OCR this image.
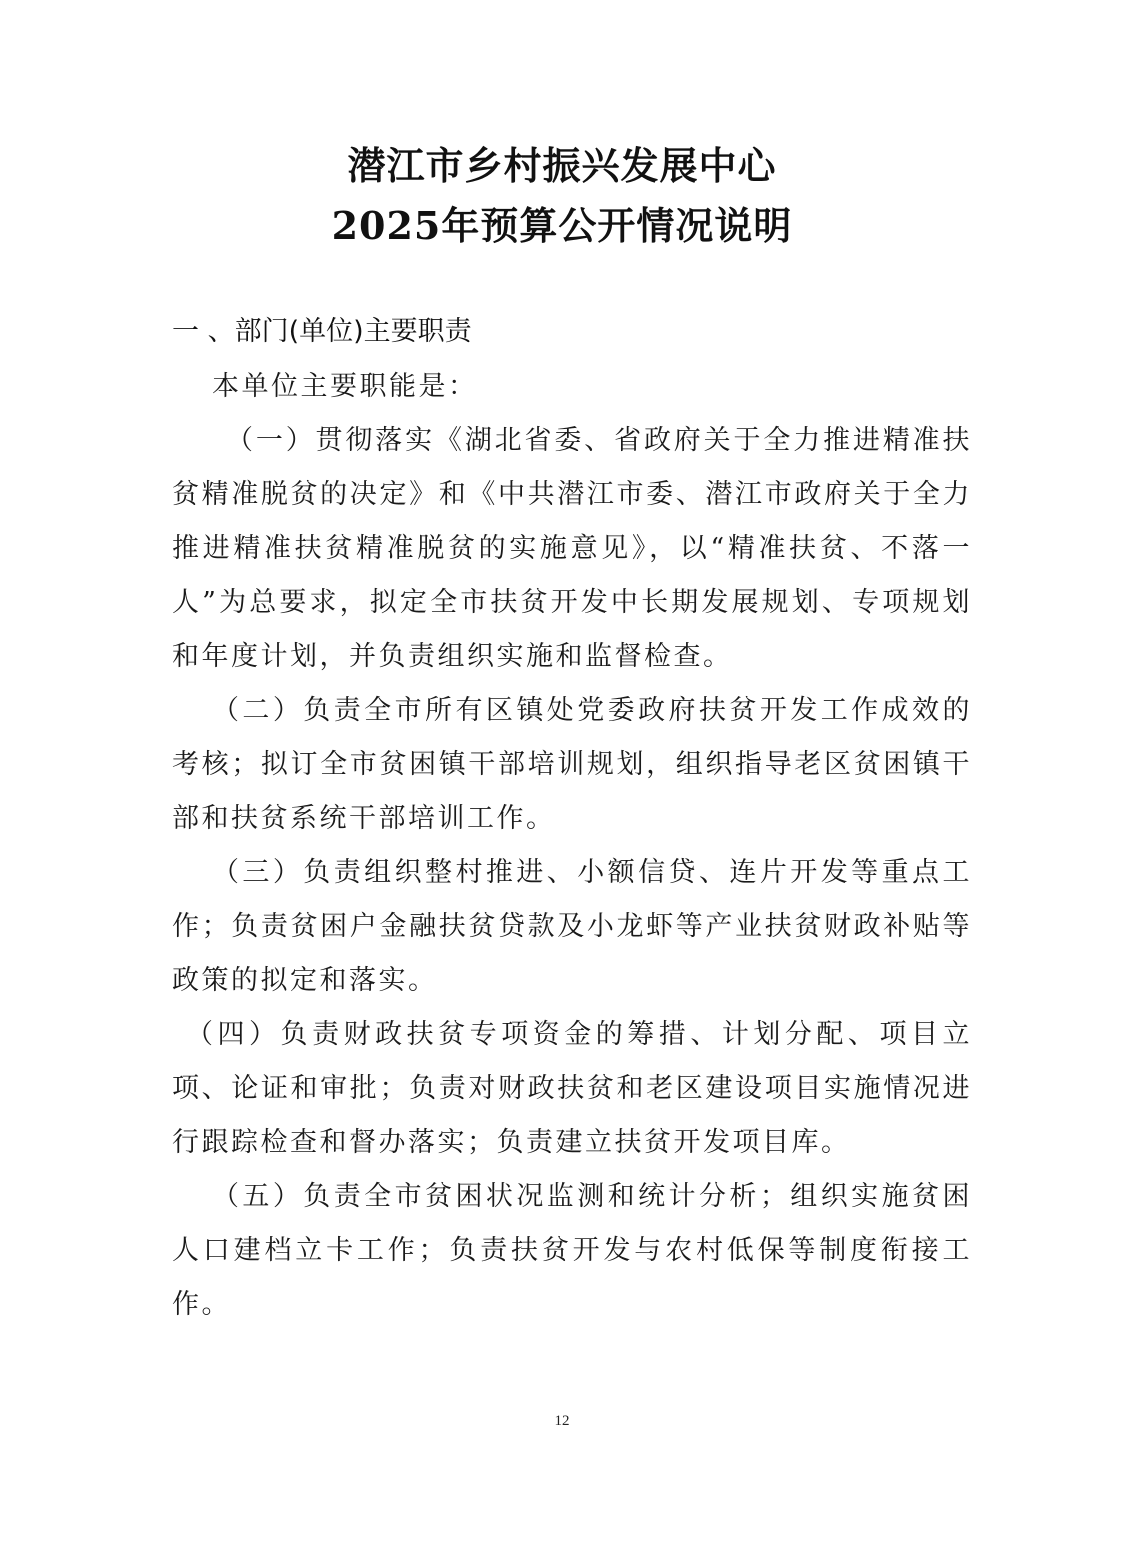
潜江市乡村振兴发展中心
2025年预算公开情况说明
一 、部门(单位)主要职责
本单位主要职能是：
（一）贯彻落实《湖北省委、省政府关于全力推进精准扶贫精准脱贫的决定》和《中共潜江市委、潜江市政府关于全力推进精准扶贫精准脱贫的实施意见》，以“精准扶贫、不落一人”为总要求，拟定全市扶贫开发中长期发展规划、专项规划和年度计划，并负责组织实施和监督检查。
（二）负责全市所有区镇处党委政府扶贫开发工作成效的考核；拟订全市贫困镇干部培训规划，组织指导老区贫困镇干部和扶贫系统干部培训工作。
（三）负责组织整村推进、小额信贷、连片开发等重点工作；负责贫困户金融扶贫贷款及小龙虾等产业扶贫财政补贴等政策的拟定和落实。
（四）负责财政扶贫专项资金的筹措、计划分配、项目立项、论证和审批；负责对财政扶贫和老区建设项目实施情况进行跟踪检查和督办落实；负责建立扶贫开发项目库。
（五）负责全市贫困状况监测和统计分析；组织实施贫困人口建档立卡工作；负责扶贫开发与农村低保等制度衔接工作。
12
